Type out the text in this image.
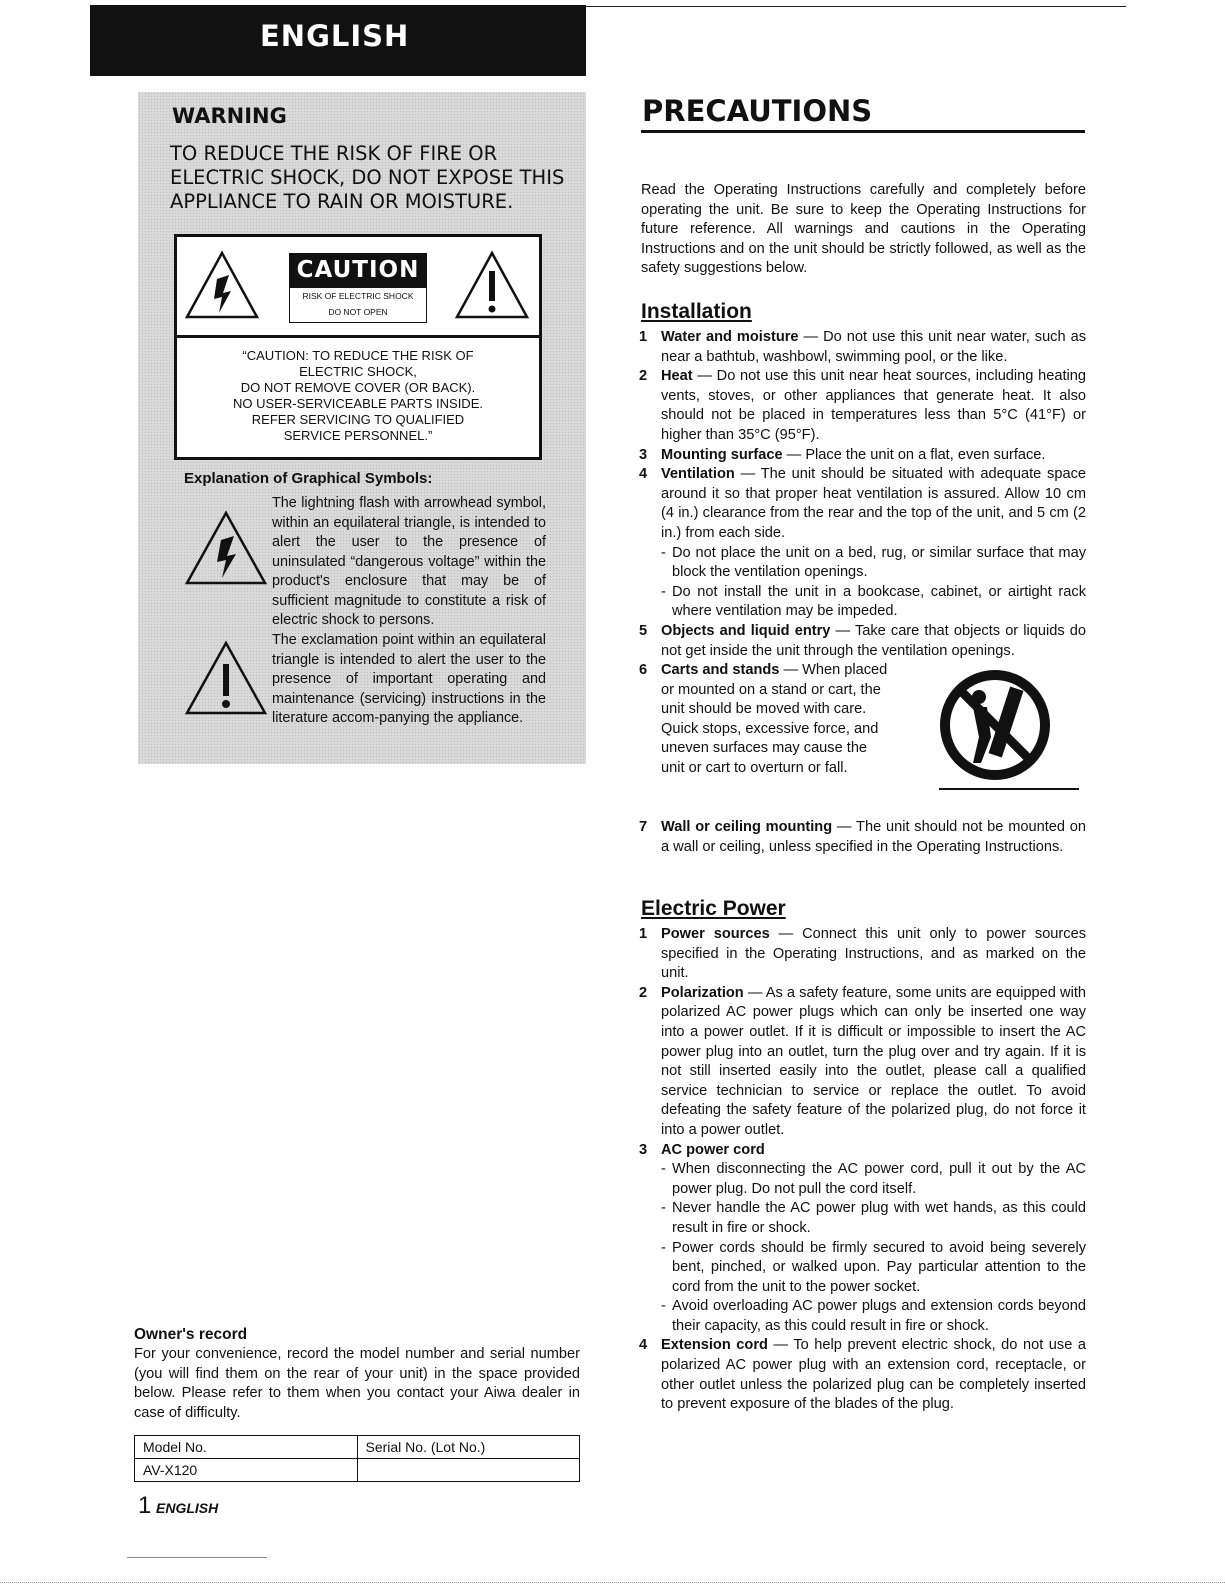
ENGLISH
WARNING
TO REDUCE THE RISK OF FIRE OR ELECTRIC SHOCK, DO NOT EXPOSE THIS APPLIANCE TO RAIN OR MOISTURE.
CAUTION
RISK OF ELECTRIC SHOCK
DO NOT OPEN
“CAUTION: TO REDUCE THE RISK OF
ELECTRIC SHOCK,
DO NOT REMOVE COVER (OR BACK).
NO USER-SERVICEABLE PARTS INSIDE.
REFER SERVICING TO QUALIFIED
SERVICE PERSONNEL.”
Explanation of Graphical Symbols:
The lightning flash with arrowhead symbol, within an equilateral triangle, is intended to alert the user to the presence of uninsulated “dangerous voltage” within the product's enclosure that may be of sufficient magnitude to constitute a risk of electric shock to persons.
The exclamation point within an equilateral triangle is intended to alert the user to the presence of important operating and maintenance (servicing) instructions in the literature accom-panying the appliance.
Owner's record
For your convenience, record the model number and serial number (you will find them on the rear of your unit) in the space provided below. Please refer to them when you contact your Aiwa dealer in case of difficulty.
Model No.	Serial No. (Lot No.)
AV-X120	
1 ENGLISH
PRECAUTIONS
Read the Operating Instructions carefully and completely before operating the unit. Be sure to keep the Operating Instructions for future reference. All warnings and cautions in the Operating Instructions and on the unit should be strictly followed, as well as the safety suggestions below.
Installation
1 Water and moisture — Do not use this unit near water, such as near a bathtub, washbowl, swimming pool, or the like.
2 Heat — Do not use this unit near heat sources, including heating vents, stoves, or other appliances that generate heat. It also should not be placed in temperatures less than 5°C (41°F) or higher than 35°C (95°F).
3 Mounting surface — Place the unit on a flat, even surface.
4 Ventilation — The unit should be situated with adequate space around it so that proper heat ventilation is assured. Allow 10 cm (4 in.) clearance from the rear and the top of the unit, and 5 cm (2 in.) from each side.
- Do not place the unit on a bed, rug, or similar surface that may block the ventilation openings.
- Do not install the unit in a bookcase, cabinet, or airtight rack where ventilation may be impeded.
5 Objects and liquid entry — Take care that objects or liquids do not get inside the unit through the ventilation openings.
6 Carts and stands — When placed or mounted on a stand or cart, the unit should be moved with care. Quick stops, excessive force, and uneven surfaces may cause the unit or cart to overturn or fall.
7 Wall or ceiling mounting — The unit should not be mounted on a wall or ceiling, unless specified in the Operating Instructions.
Electric Power
1 Power sources — Connect this unit only to power sources specified in the Operating Instructions, and as marked on the unit.
2 Polarization — As a safety feature, some units are equipped with polarized AC power plugs which can only be inserted one way into a power outlet. If it is difficult or impossible to insert the AC power plug into an outlet, turn the plug over and try again. If it is not still inserted easily into the outlet, please call a qualified service technician to service or replace the outlet. To avoid defeating the safety feature of the polarized plug, do not force it into a power outlet.
3 AC power cord
- When disconnecting the AC power cord, pull it out by the AC power plug. Do not pull the cord itself.
- Never handle the AC power plug with wet hands, as this could result in fire or shock.
- Power cords should be firmly secured to avoid being severely bent, pinched, or walked upon. Pay particular attention to the cord from the unit to the power socket.
- Avoid overloading AC power plugs and extension cords beyond their capacity, as this could result in fire or shock.
4 Extension cord — To help prevent electric shock, do not use a polarized AC power plug with an extension cord, receptacle, or other outlet unless the polarized plug can be completely inserted to prevent exposure of the blades of the plug.
